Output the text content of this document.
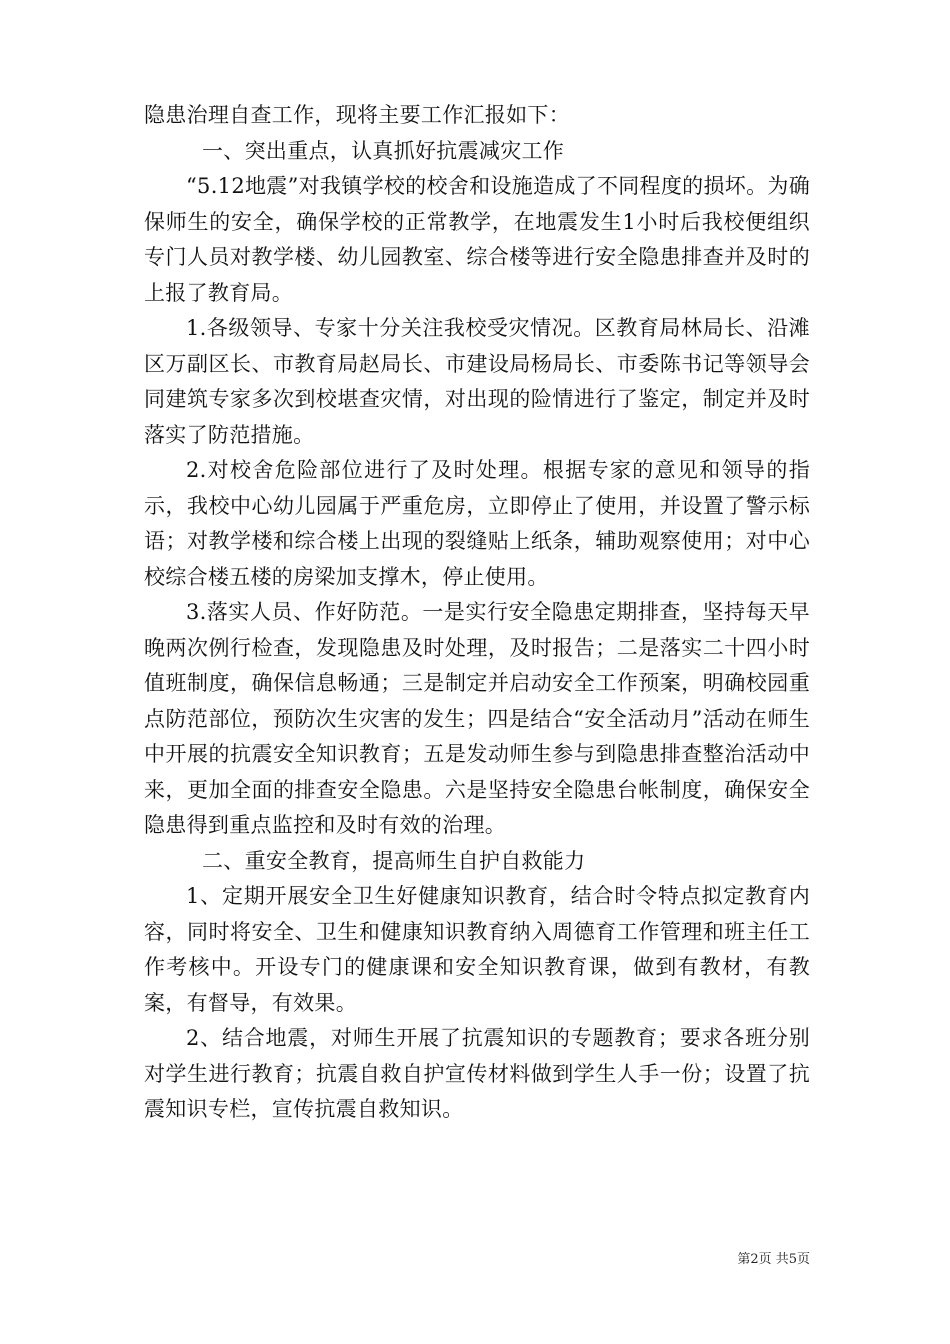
隐患治理自查工作，现将主要工作汇报如下：

一、突出重点，认真抓好抗震减灾工作

“5.12地震”对我镇学校的校舍和设施造成了不同程度的损坏。为确保师生的安全，确保学校的正常教学，在地震发生1小时后我校便组织专门人员对教学楼、幼儿园教室、综合楼等进行安全隐患排查并及时的上报了教育局。

1.各级领导、专家十分关注我校受灾情况。区教育局林局长、沿滩区万副区长、市教育局赵局长、市建设局杨局长、市委陈书记等领导会同建筑专家多次到校堪查灾情，对出现的险情进行了鉴定，制定并及时落实了防范措施。

2.对校舍危险部位进行了及时处理。根据专家的意见和领导的指示，我校中心幼儿园属于严重危房，立即停止了使用，并设置了警示标语；对教学楼和综合楼上出现的裂缝贴上纸条，辅助观察使用；对中心校综合楼五楼的房梁加支撑木，停止使用。

3.落实人员、作好防范。一是实行安全隐患定期排查，坚持每天早晚两次例行检查，发现隐患及时处理，及时报告；二是落实二十四小时值班制度，确保信息畅通；三是制定并启动安全工作预案，明确校园重点防范部位，预防次生灾害的发生；四是结合“安全活动月”活动在师生中开展的抗震安全知识教育；五是发动师生参与到隐患排查整治活动中来，更加全面的排查安全隐患。六是坚持安全隐患台帐制度，确保安全隐患得到重点监控和及时有效的治理。

二、重安全教育，提高师生自护自救能力

1、定期开展安全卫生好健康知识教育，结合时令特点拟定教育内容，同时将安全、卫生和健康知识教育纳入周德育工作管理和班主任工作考核中。开设专门的健康课和安全知识教育课，做到有教材，有教案，有督导，有效果。

2、结合地震，对师生开展了抗震知识的专题教育；要求各班分别对学生进行教育；抗震自救自护宣传材料做到学生人手一份；设置了抗震知识专栏，宣传抗震自救知识。

第2页 共5页
